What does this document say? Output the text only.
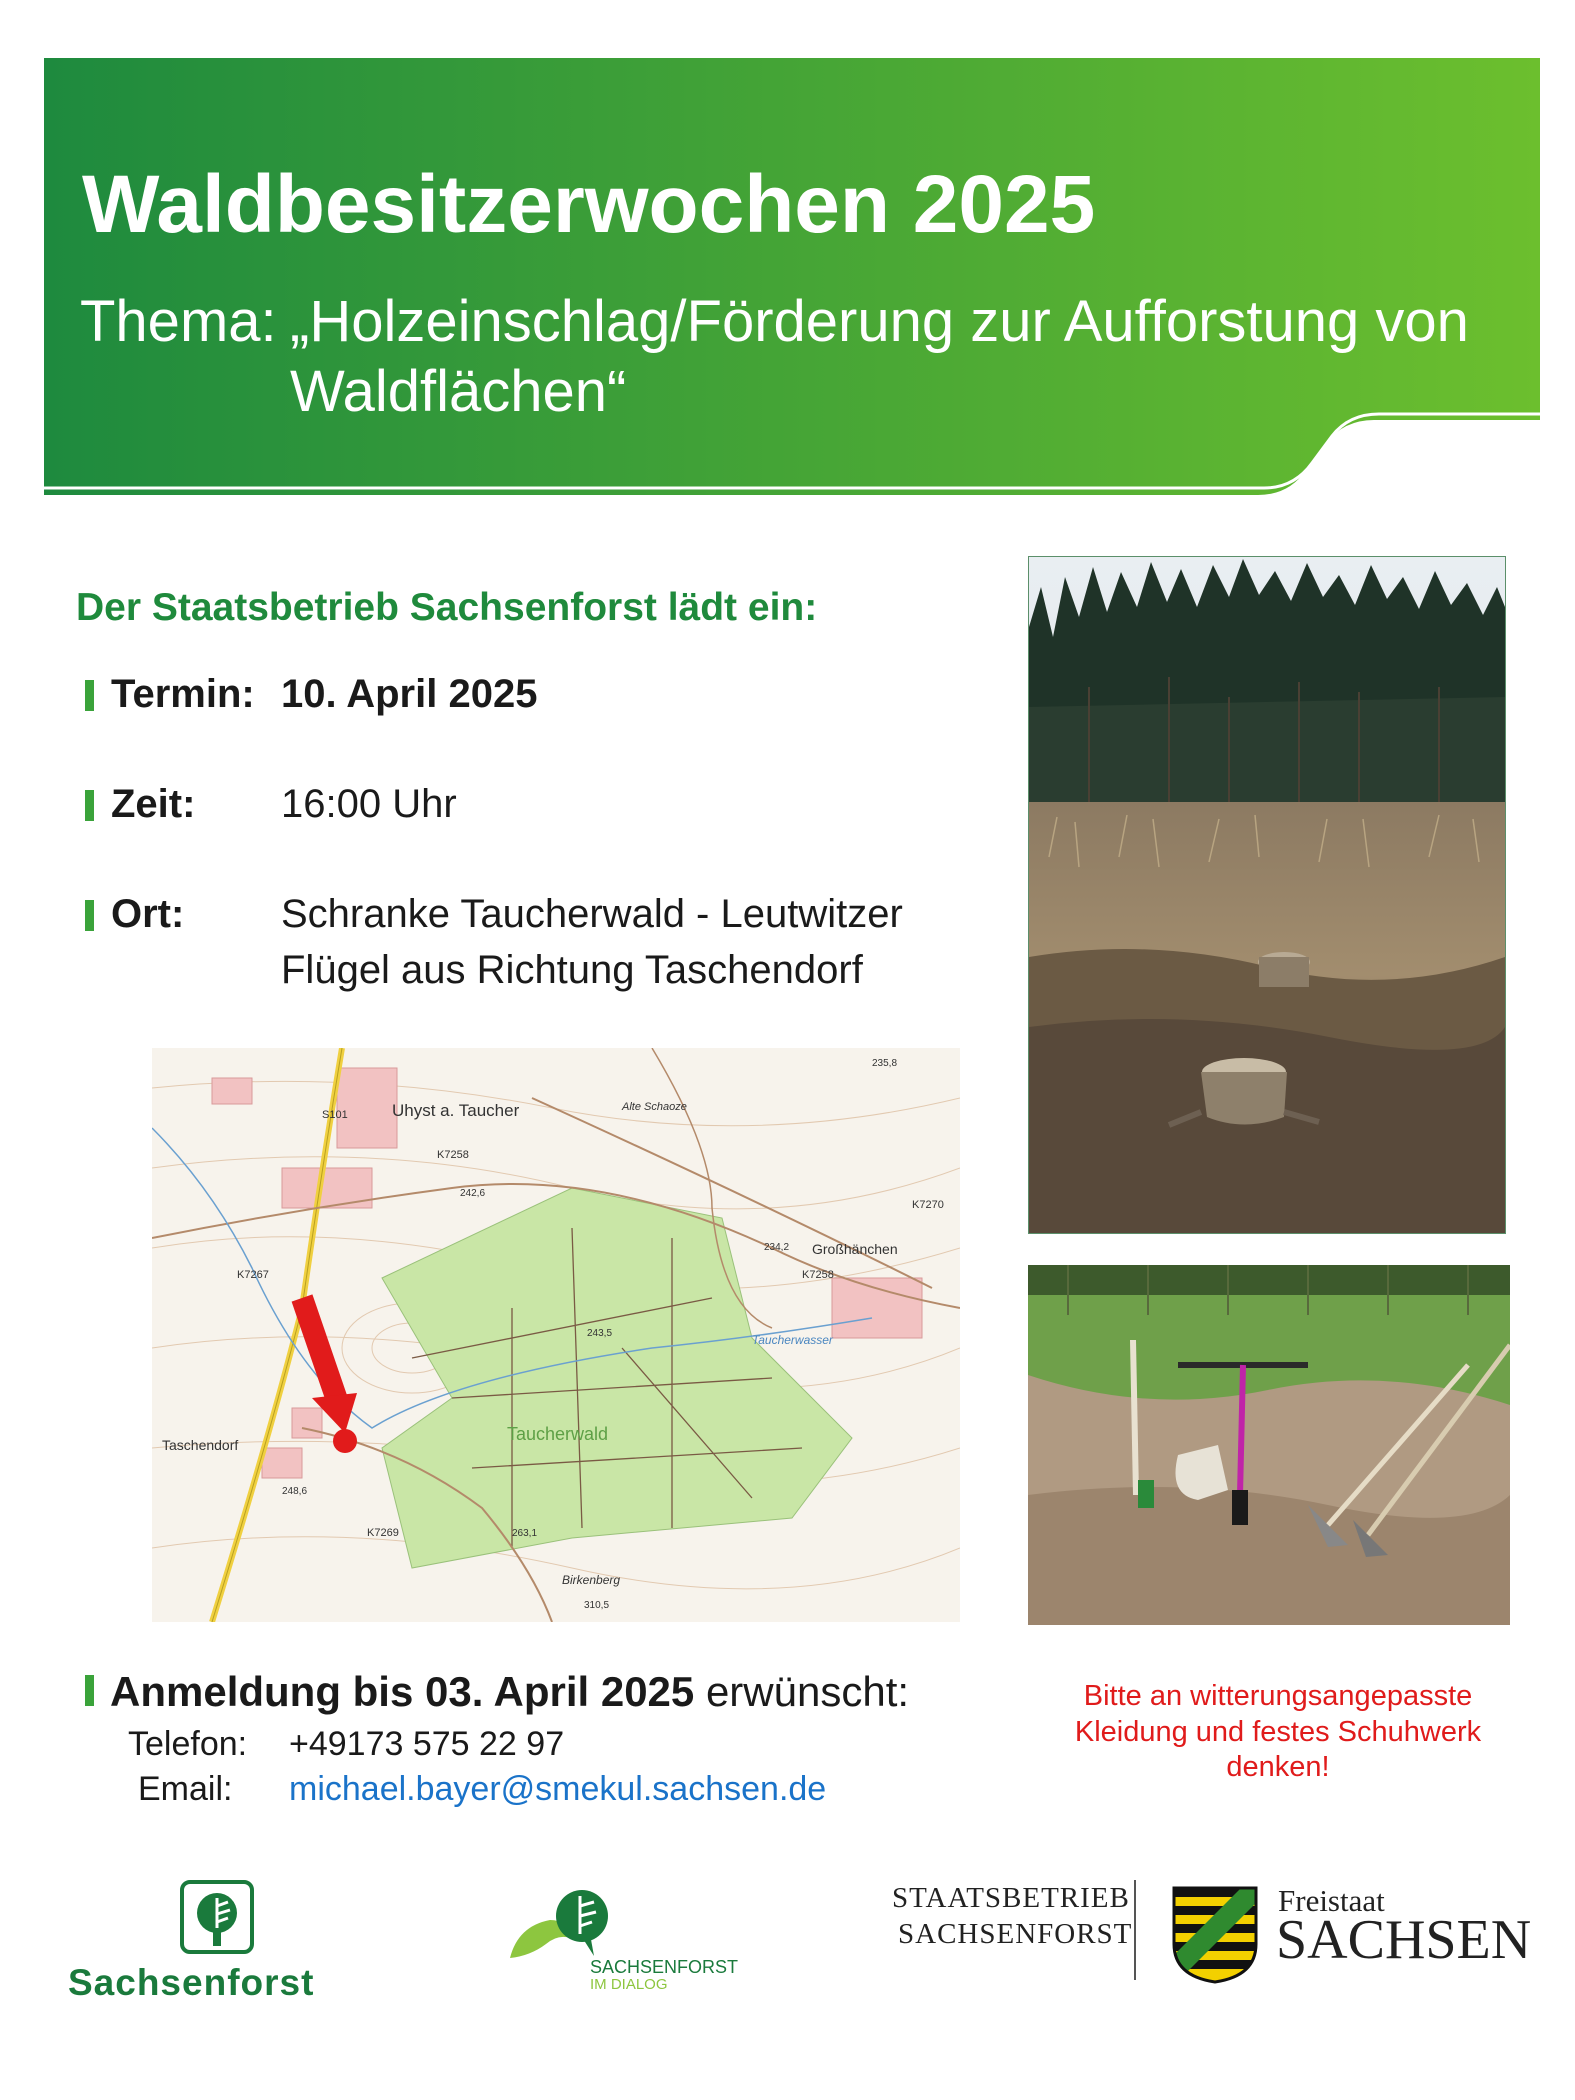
Waldbesitzerwochen 2025
Thema: „Holzeinschlag/Förderung zur Aufforstung von
Waldflächen“
Der Staatsbetrieb Sachsenforst lädt ein:
Termin: 10. April 2025
Zeit: 16:00 Uhr
Ort: Schranke Taucherwald - Leutwitzer
Flügel aus Richtung Taschendorf
Uhyst a. Taucher	Alte Schaoze
K7258
242,6
K7267
234,2 Großhänchen
K7258
Taucherwasser
Taschendorf
Taucherwald
243,5
248,6
K7269	263,1
Birkenberg
310,5
S101
K7270
235,8
Anmeldung bis 03. April 2025 erwünscht:
Telefon: +49173 575 22 97
Email: michael.bayer@smekul.sachsen.de
Bitte an witterungsangepasste
Kleidung und festes Schuhwerk
denken!
Sachsenforst	SACHSENFORST
IM DIALOG
STAATSBETRIEB
SACHSENFORST
Freistaat
SACHSEN
